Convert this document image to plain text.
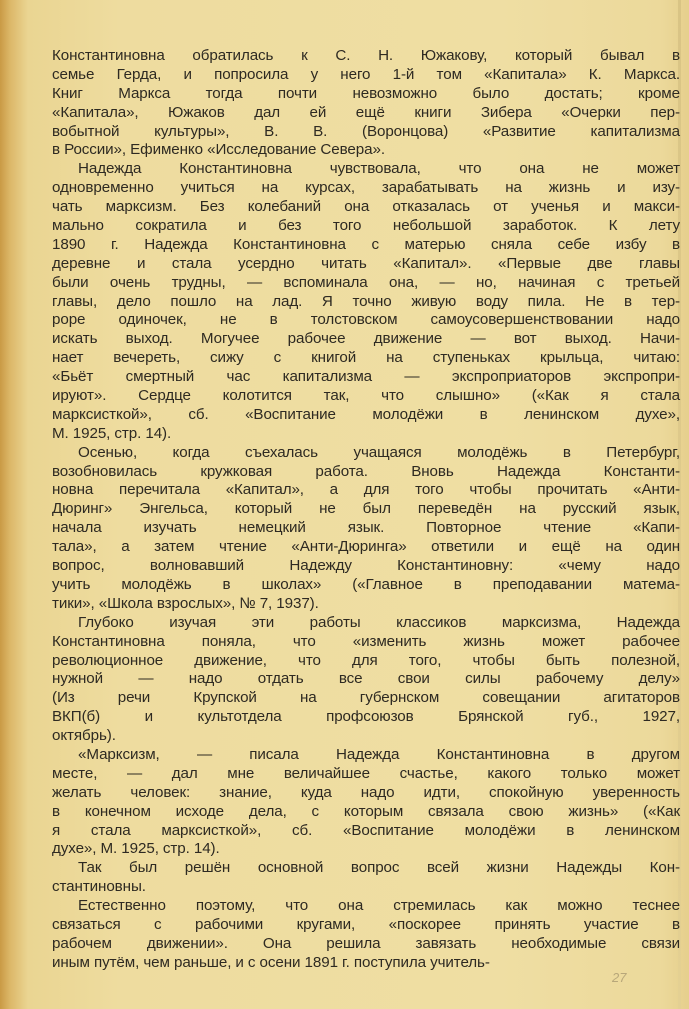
Константиновна обратилась к С. Н. Южакову, который бывал в
семье Герда, и попросила у него 1-й том «Капитала» К. Маркса.
Книг Маркса тогда почти невозможно было достать; кроме
«Капитала», Южаков дал ей ещё книги Зибера «Очерки пер-
вобытной культуры», В. В. (Воронцова) «Развитие капитализма
в России», Ефименко «Исследование Севера».
Надежда Константиновна чувствовала, что она не может
одновременно учиться на курсах, зарабатывать на жизнь и изу-
чать марксизм. Без колебаний она отказалась от ученья и макси-
мально сократила и без того небольшой заработок. К лету
1890 г. Надежда Константиновна с матерью сняла себе избу в
деревне и стала усердно читать «Капитал». «Первые две главы
были очень трудны, — вспоминала она, — но, начиная с третьей
главы, дело пошло на лад. Я точно живую воду пила. Не в тер-
роре одиночек, не в толстовском самоусовершенствовании надо
искать выход. Могучее рабочее движение — вот выход. Начи-
нает вечереть, сижу с книгой на ступеньках крыльца, читаю:
«Бьёт смертный час капитализма — экспроприаторов экспропри-
ируют». Сердце колотится так, что слышно» («Как я стала
марксисткой», сб. «Воспитание молодёжи в ленинском духе»,
М. 1925, стр. 14).
Осенью, когда съехалась учащаяся молодёжь в Петербург,
возобновилась кружковая работа. Вновь Надежда Константи-
новна перечитала «Капитал», а для того чтобы прочитать «Анти-
Дюринг» Энгельса, который не был переведён на русский язык,
начала изучать немецкий язык. Повторное чтение «Капи-
тала», а затем чтение «Анти-Дюринга» ответили и ещё на один
вопрос, волновавший Надежду Константиновну: «чему надо
учить молодёжь в школах» («Главное в преподавании матема-
тики», «Школа взрослых», № 7, 1937).
Глубоко изучая эти работы классиков марксизма, Надежда
Константиновна поняла, что «изменить жизнь может рабочее
революционное движение, что для того, чтобы быть полезной,
нужной — надо отдать все свои силы рабочему делу»
(Из речи Крупской на губернском совещании агитаторов
ВКП(б) и культотдела профсоюзов Брянской губ., 1927,
октябрь).
«Марксизм, — писала Надежда Константиновна в другом
месте, — дал мне величайшее счастье, какого только может
желать человек: знание, куда надо идти, спокойную уверенность
в конечном исходе дела, с которым связала свою жизнь» («Как
я стала марксисткой», сб. «Воспитание молодёжи в ленинском
духе», М. 1925, стр. 14).
Так был решён основной вопрос всей жизни Надежды Кон-
стантиновны.
Естественно поэтому, что она стремилась как можно теснее
связаться с рабочими кругами, «поскорее принять участие в
рабочем движении». Она решила завязать необходимые связи
иным путём, чем раньше, и с осени 1891 г. поступила учитель-
27
